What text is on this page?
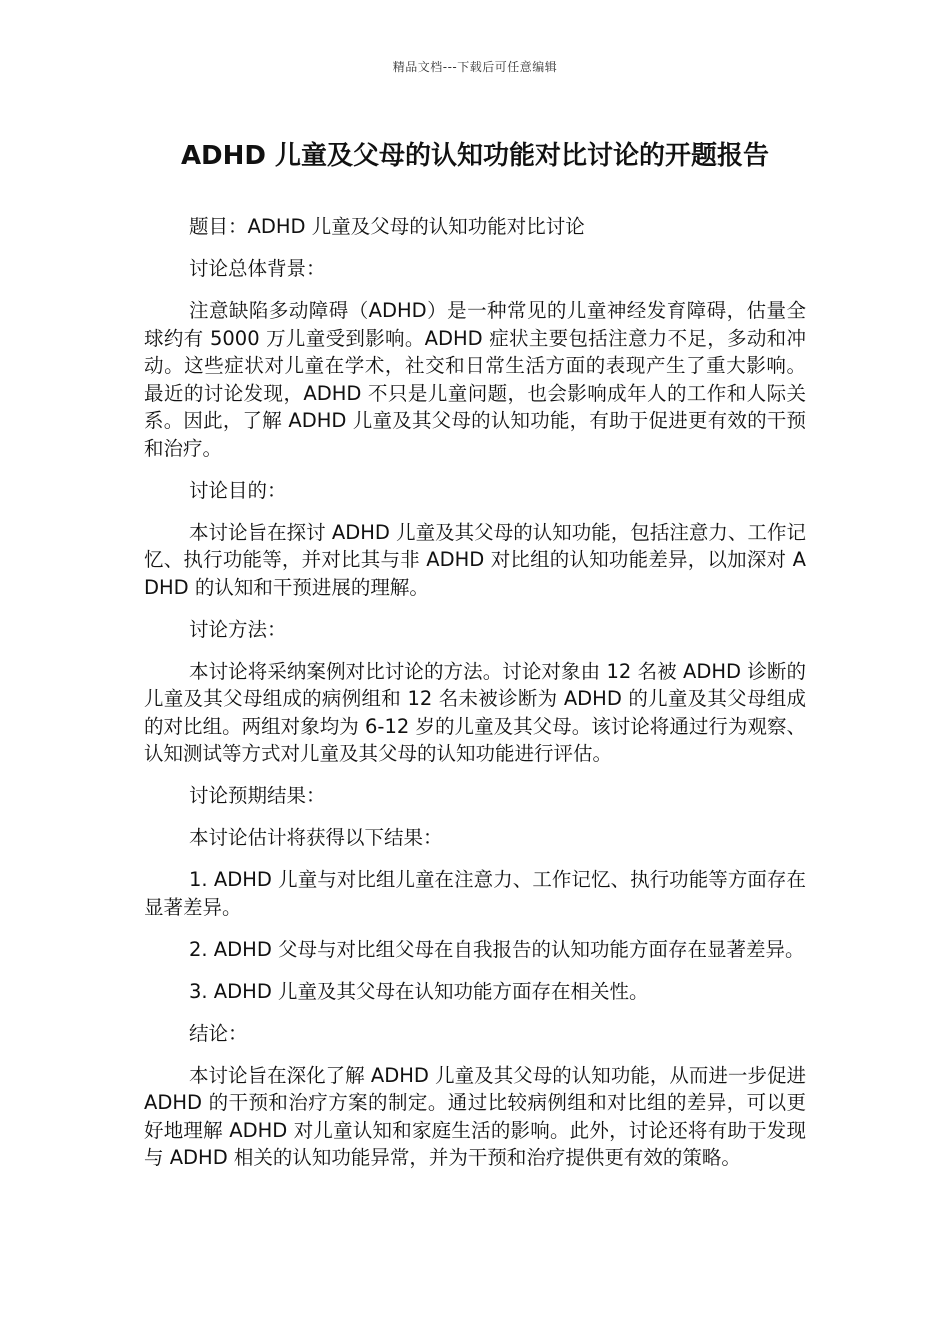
精品文档---下载后可任意编辑
ADHD 儿童及父母的认知功能对比讨论的开题报告

题目：ADHD 儿童及父母的认知功能对比讨论

讨论总体背景：

注意缺陷多动障碍（ADHD）是一种常见的儿童神经发育障碍，估量全球约有 5000 万儿童受到影响。ADHD 症状主要包括注意力不足，多动和冲动。这些症状对儿童在学术，社交和日常生活方面的表现产生了重大影响。最近的讨论发现，ADHD 不只是儿童问题，也会影响成年人的工作和人际关系。因此，了解 ADHD 儿童及其父母的认知功能，有助于促进更有效的干预和治疗。

讨论目的：

本讨论旨在探讨 ADHD 儿童及其父母的认知功能，包括注意力、工作记忆、执行功能等，并对比其与非 ADHD 对比组的认知功能差异，以加深对 ADHD 的认知和干预进展的理解。

讨论方法：

本讨论将采纳案例对比讨论的方法。讨论对象由 12 名被 ADHD 诊断的儿童及其父母组成的病例组和 12 名未被诊断为 ADHD 的儿童及其父母组成的对比组。两组对象均为 6-12 岁的儿童及其父母。该讨论将通过行为观察、认知测试等方式对儿童及其父母的认知功能进行评估。

讨论预期结果：

本讨论估计将获得以下结果：

1. ADHD 儿童与对比组儿童在注意力、工作记忆、执行功能等方面存在显著差异。

2. ADHD 父母与对比组父母在自我报告的认知功能方面存在显著差异。

3. ADHD 儿童及其父母在认知功能方面存在相关性。

结论：

本讨论旨在深化了解 ADHD 儿童及其父母的认知功能，从而进一步促进 ADHD 的干预和治疗方案的制定。通过比较病例组和对比组的差异，可以更好地理解 ADHD 对儿童认知和家庭生活的影响。此外，讨论还将有助于发现与 ADHD 相关的认知功能异常，并为干预和治疗提供更有效的策略。
